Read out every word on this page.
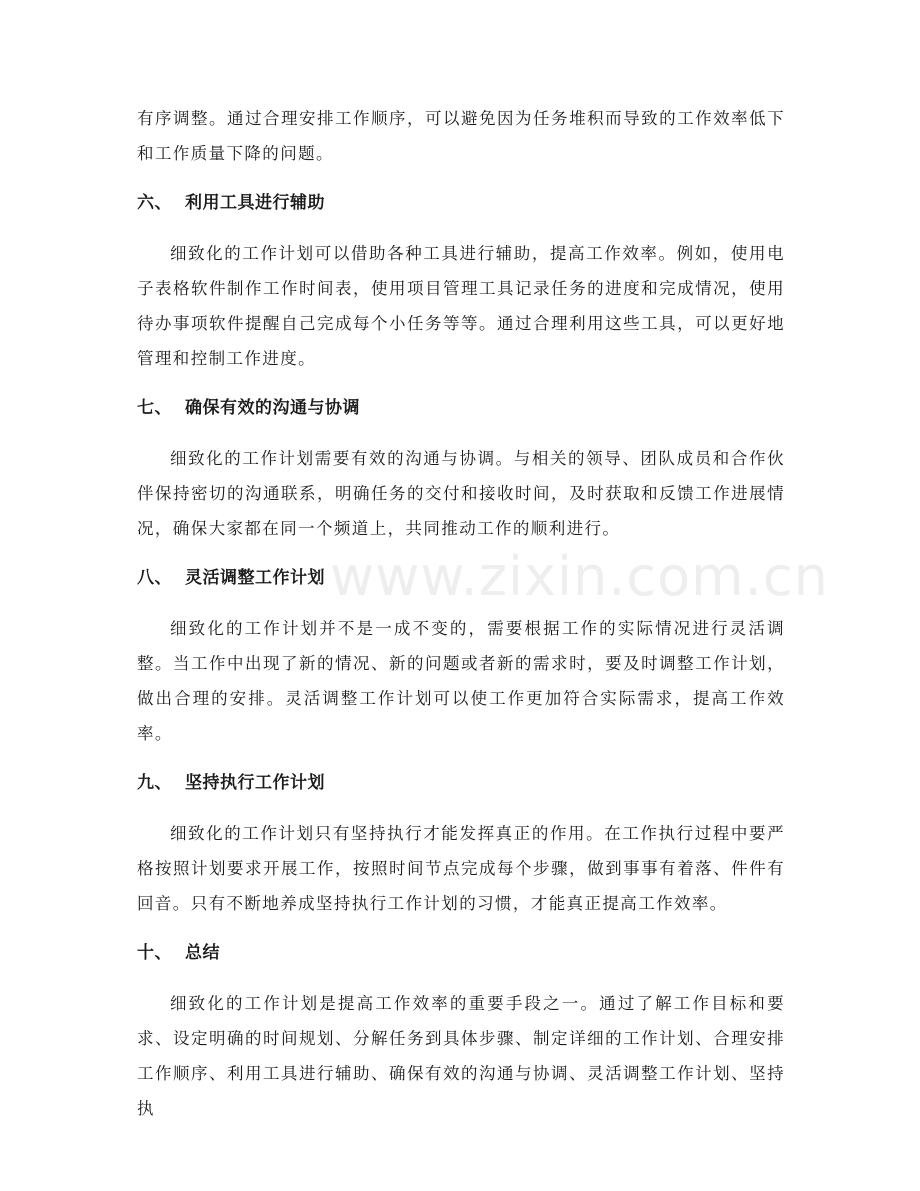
www.zixin.com.cn

有序调整。通过合理安排工作顺序，可以避免因为任务堆积而导致的工作效率低下和工作质量下降的问题。

六、 利用工具进行辅助

细致化的工作计划可以借助各种工具进行辅助，提高工作效率。例如，使用电子表格软件制作工作时间表，使用项目管理工具记录任务的进度和完成情况，使用待办事项软件提醒自己完成每个小任务等等。通过合理利用这些工具，可以更好地管理和控制工作进度。

七、 确保有效的沟通与协调

细致化的工作计划需要有效的沟通与协调。与相关的领导、团队成员和合作伙伴保持密切的沟通联系，明确任务的交付和接收时间，及时获取和反馈工作进展情况，确保大家都在同一个频道上，共同推动工作的顺利进行。

八、 灵活调整工作计划

细致化的工作计划并不是一成不变的，需要根据工作的实际情况进行灵活调整。当工作中出现了新的情况、新的问题或者新的需求时，要及时调整工作计划，做出合理的安排。灵活调整工作计划可以使工作更加符合实际需求，提高工作效率。

九、 坚持执行工作计划

细致化的工作计划只有坚持执行才能发挥真正的作用。在工作执行过程中要严格按照计划要求开展工作，按照时间节点完成每个步骤，做到事事有着落、件件有回音。只有不断地养成坚持执行工作计划的习惯，才能真正提高工作效率。

十、 总结

细致化的工作计划是提高工作效率的重要手段之一。通过了解工作目标和要求、设定明确的时间规划、分解任务到具体步骤、制定详细的工作计划、合理安排工作顺序、利用工具进行辅助、确保有效的沟通与协调、灵活调整工作计划、坚持执
